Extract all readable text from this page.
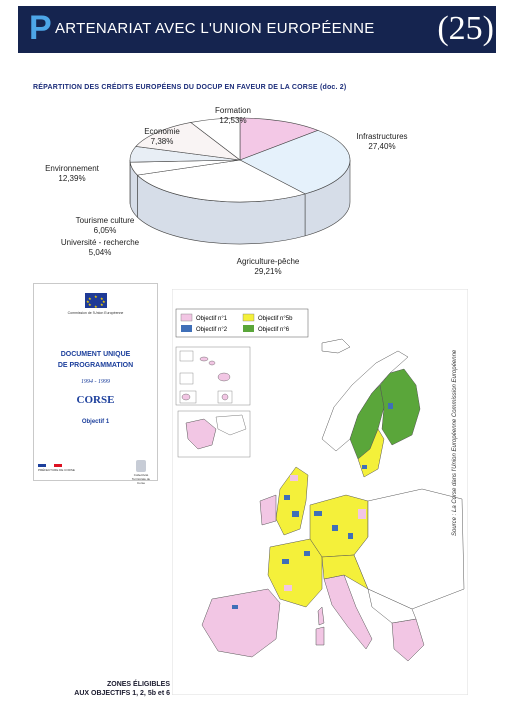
P ARTENARIAT AVEC L'UNION EUROPÉENNE (25)
RÉPARTITION DES CRÉDITS EUROPÉENS DU DOCUP EN FAVEUR DE LA CORSE (doc. 2)
Formation
12,53%
Infrastructures
27,40%
Agriculture-pêche
29,21%
Université - recherche
5,04%
Tourisme culture
6,05%
Environnement
12,39%
Economie
7,38%
★ ★
★
★
★
★
★
★
Commission de l'Union Européenne
DOCUMENT UNIQUE
DE PROGRAMMATION
1994 - 1999
CORSE
Objectif 1
PRÉFECTURE DE CORSE
Collectivité Territoriale de Corse
Objectif n°1	Objectif n°5b
Objectif n°2	Objectif n°6
ZONES ÉLIGIBLES
AUX OBJECTIFS 1, 2, 5b et 6
Source : La Corse dans l'Union Européenne Commission Européenne
